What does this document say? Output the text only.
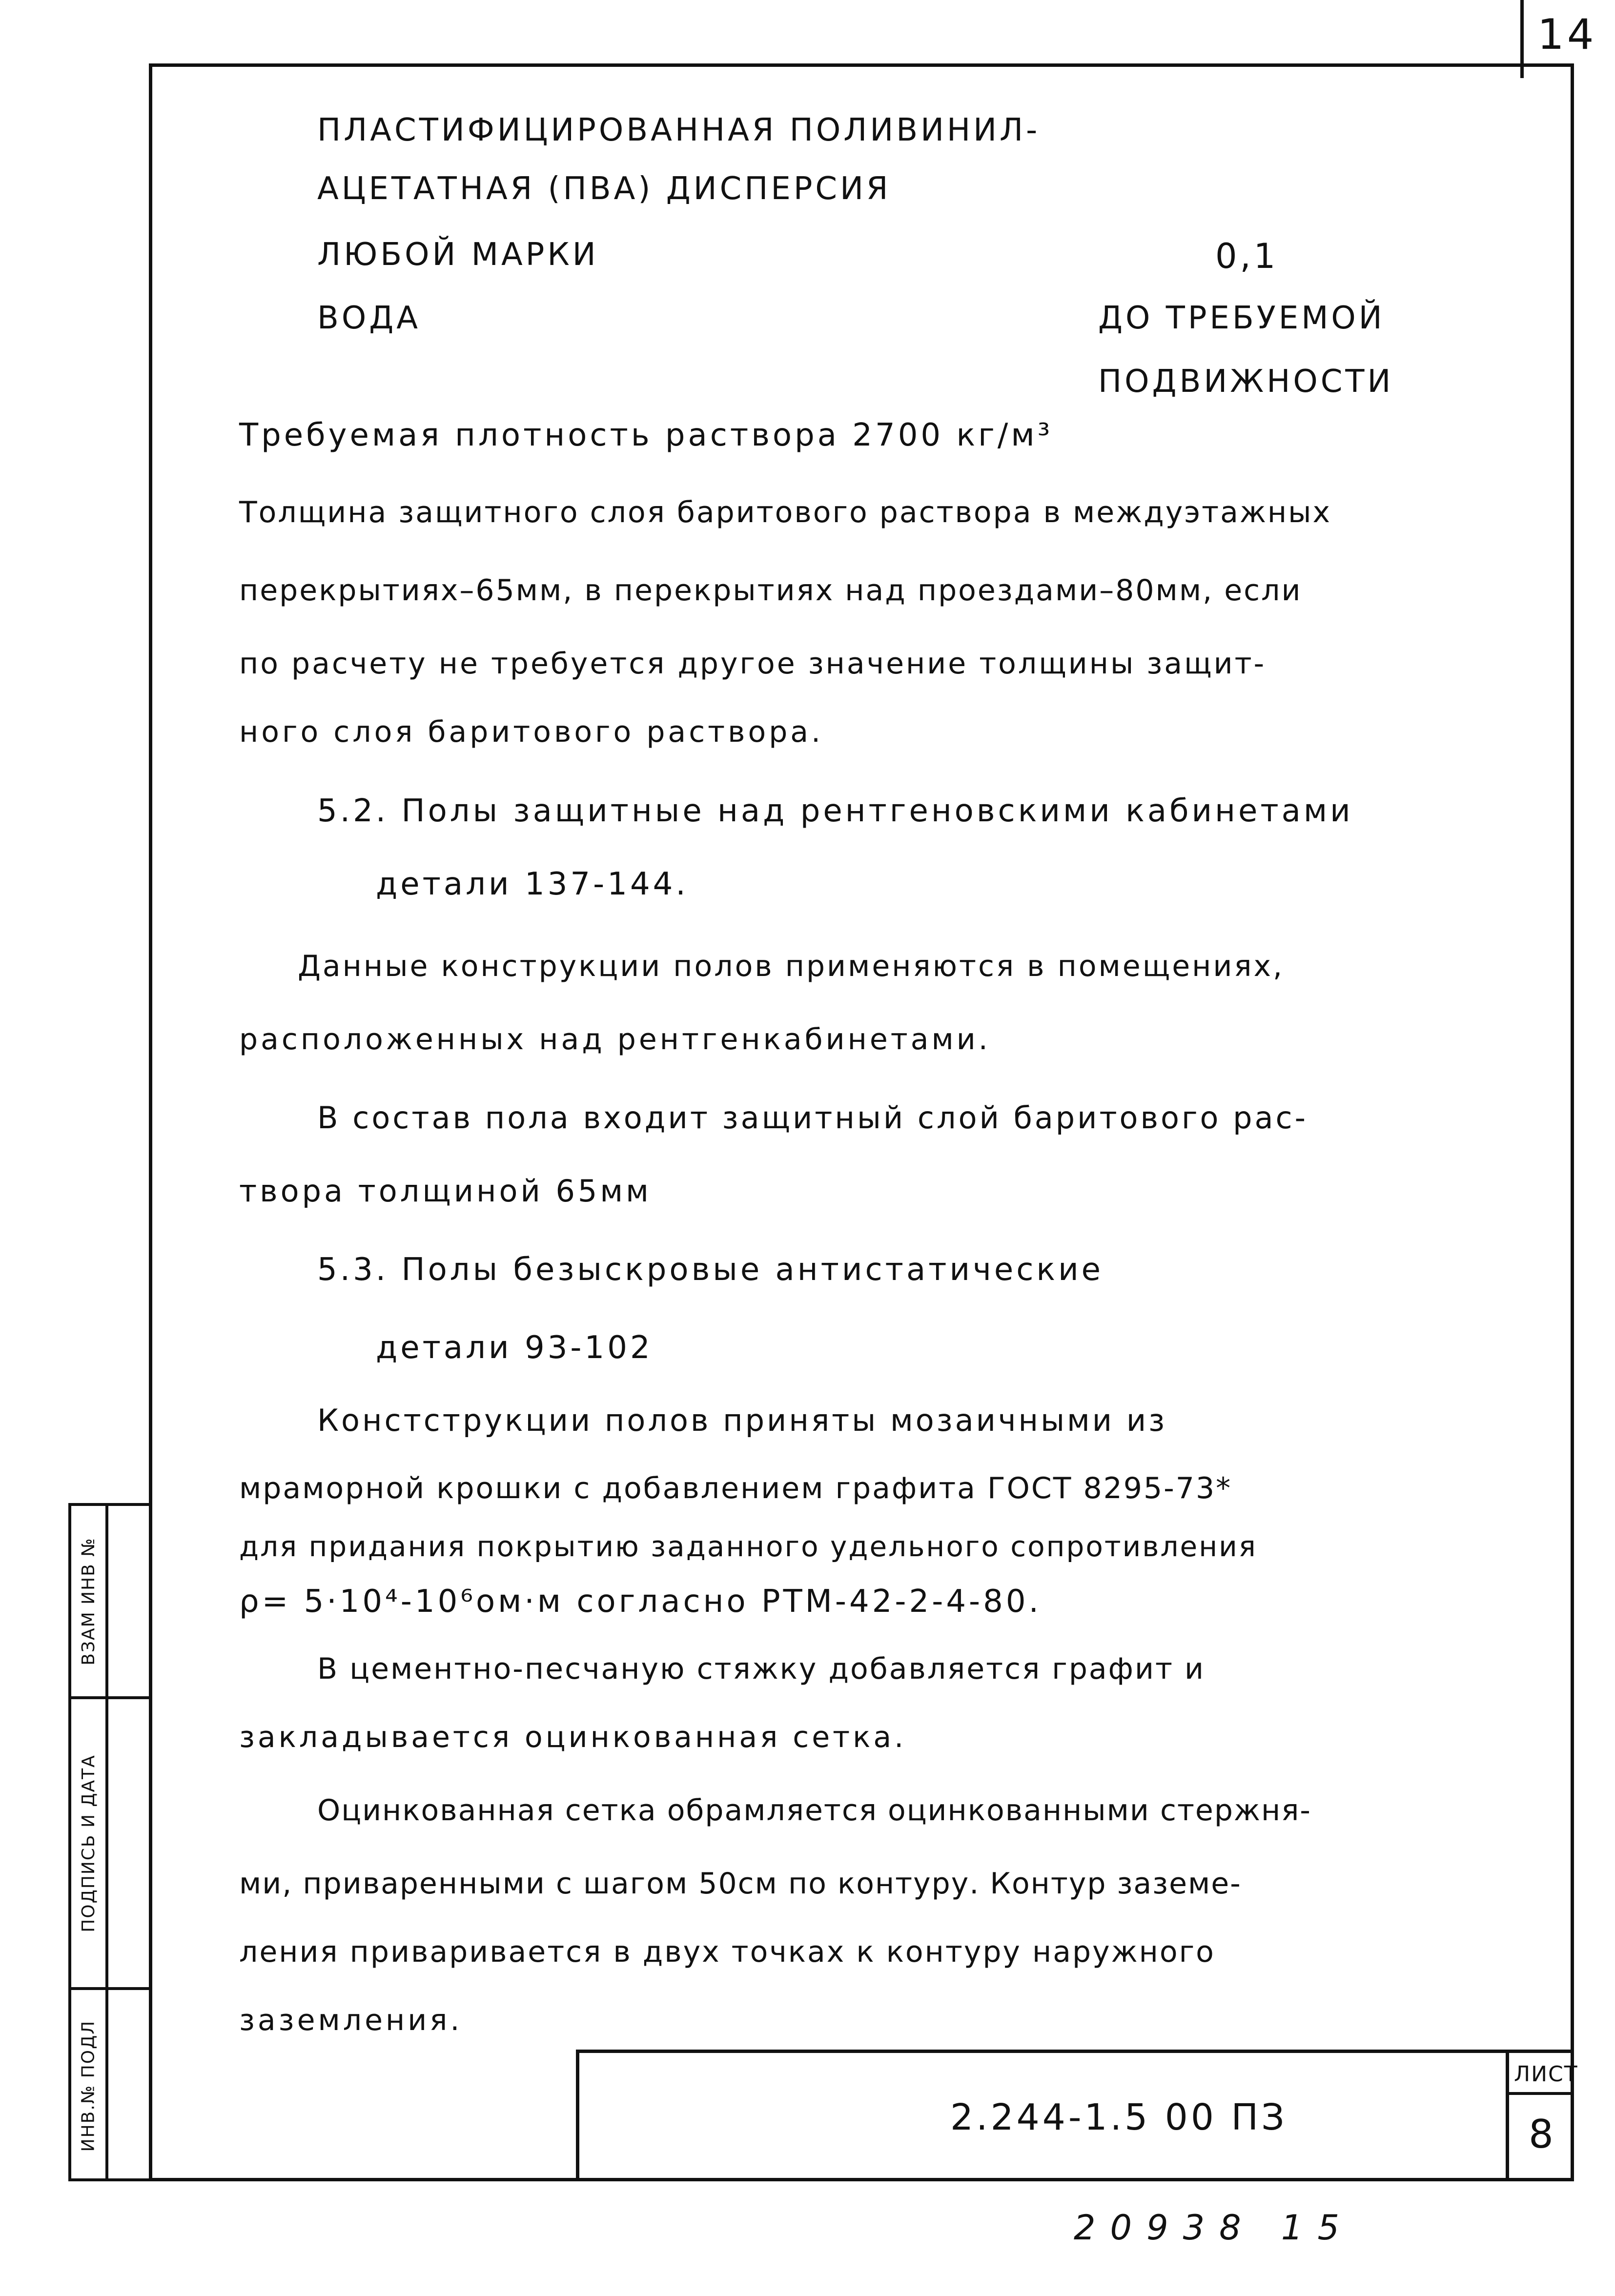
14
ПЛАСТИФИЦИРОВАННАЯ ПОЛИВИНИЛ-
АЦЕТАТНАЯ (ПВА) ДИСПЕРСИЯ
ЛЮБОЙ МАРКИ	0,1
ВОДА	ДО ТРЕБУЕМОЙ
ПОДВИЖНОСТИ
Требуемая плотность раствора 2700 кг/м³
Толщина защитного слоя баритового раствора в междуэтажных
перекрытиях–65мм, в перекрытиях над проездами–80мм, если
по расчету не требуется другое значение толщины защит-
ного слоя баритового раствора.
5.2. Полы защитные над рентгеновскими кабинетами
детали 137-144.
Данные конструкции полов применяются в помещениях,
расположенных над рентгенкабинетами.
В состав пола входит защитный слой баритового рас-
твора толщиной 65мм
5.3. Полы безыскровые антистатические
детали 93-102
Констструкции полов приняты мозаичными из
мраморной крошки с добавлением графита ГОСТ 8295-73*
для придания покрытию заданного удельного сопротивления
ρ= 5·10⁴-10⁶ом·м согласно РТМ-42-2-4-80.
В цементно-песчаную стяжку добавляется графит и
закладывается оцинкованная сетка.
Оцинкованная сетка обрамляется оцинкованными стержня-
ми, приваренными с шагом 50см по контуру. Контур заземе-
ления приваривается в двух точках к контуру наружного
заземления.
ВЗАМ ИНВ №
ПОДПИСЬ И ДАТА
ИНВ.№ ПОДЛ	2.244-1.5 00 ПЗ
ЛИСТ
8
20938 15
